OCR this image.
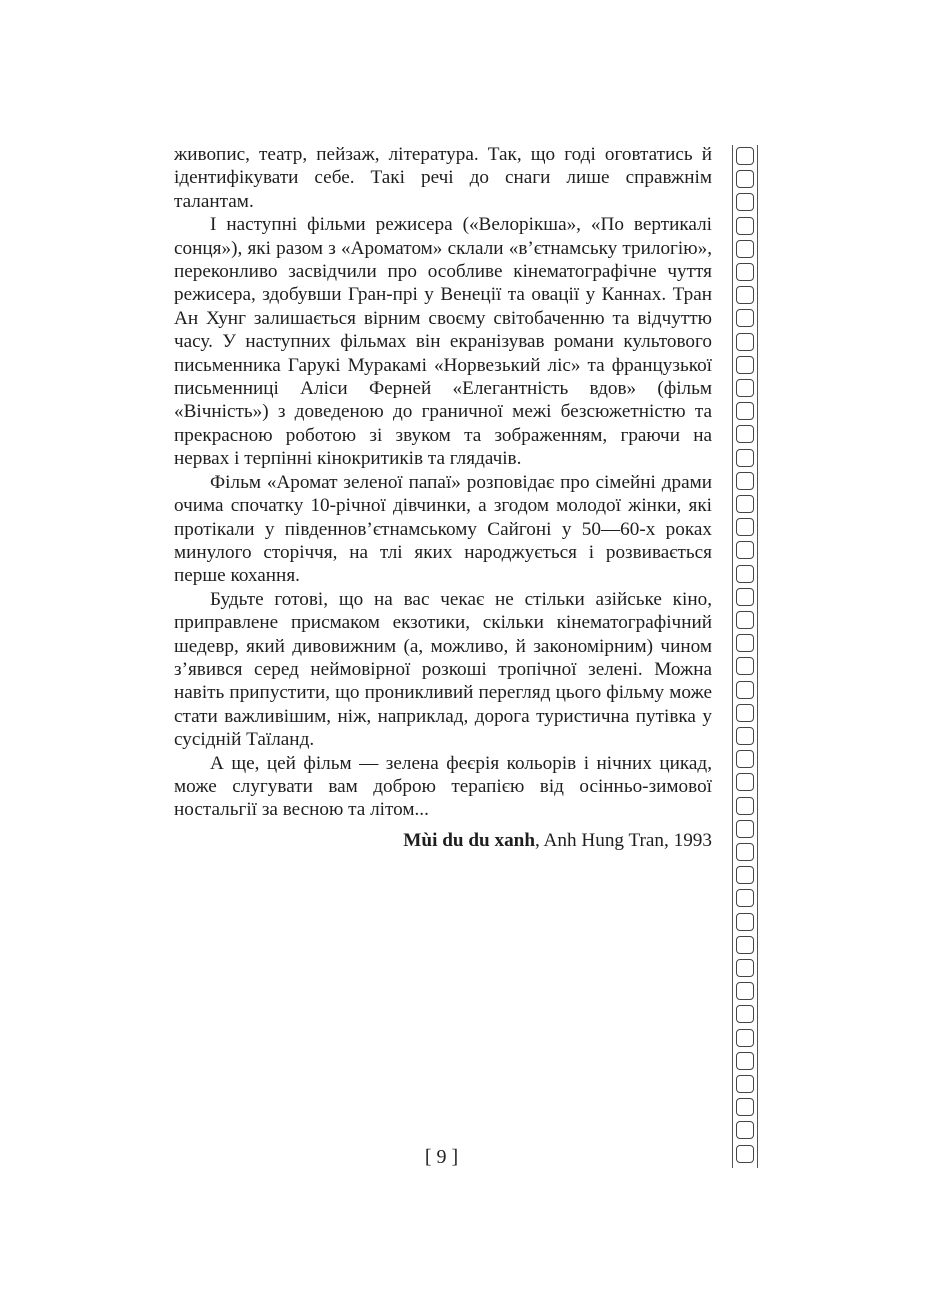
живопис, театр, пейзаж, література. Так, що годі оговтатись й ідентифікувати себе. Такі речі до снаги лише справжнім талантам.

І наступні фільми режисера («Велорікша», «По вертикалі сонця»), які разом з «Ароматом» склали «в’єтнамську трилогію», переконливо засвідчили про особливе кінематографічне чуття режисера, здобувши Гран-прі у Венеції та овації у Каннах. Тран Ан Хунг залишається вірним своєму світобаченню та відчуттю часу. У наступних фільмах він екранізував романи культового письменника Гарукі Муракамі «Норвезький ліс» та французької письменниці Аліси Ферней «Елегантність вдов» (фільм «Вічність») з доведеною до граничної межі безсюжетністю та прекрасною роботою зі звуком та зображенням, граючи на нервах і терпінні кінокритиків та глядачів.

Фільм «Аромат зеленої папаї» розповідає про сімейні драми очима спочатку 10-річної дівчинки, а згодом молодої жінки, які протікали у південнов’єтнамському Сайгоні у 50—60-х роках минулого сторіччя, на тлі яких народжується і розвивається перше кохання.

Будьте готові, що на вас чекає не стільки азійське кіно, приправлене присмаком екзотики, скільки кінематографічний шедевр, який дивовижним (а, можливо, й закономірним) чином з’явився серед неймовірної розкоші тропічної зелені. Можна навіть припустити, що проникливий перегляд цього фільму може стати важливішим, ніж, наприклад, дорога туристична путівка у сусідній Таїланд.

А ще, цей фільм — зелена феєрія кольорів і нічних цикад, може слугувати вам доброю терапією від осінньо-зимової ностальгії за весною та літом...

Mùi du du xanh, Anh Hung Tran, 1993

[ 9 ]
